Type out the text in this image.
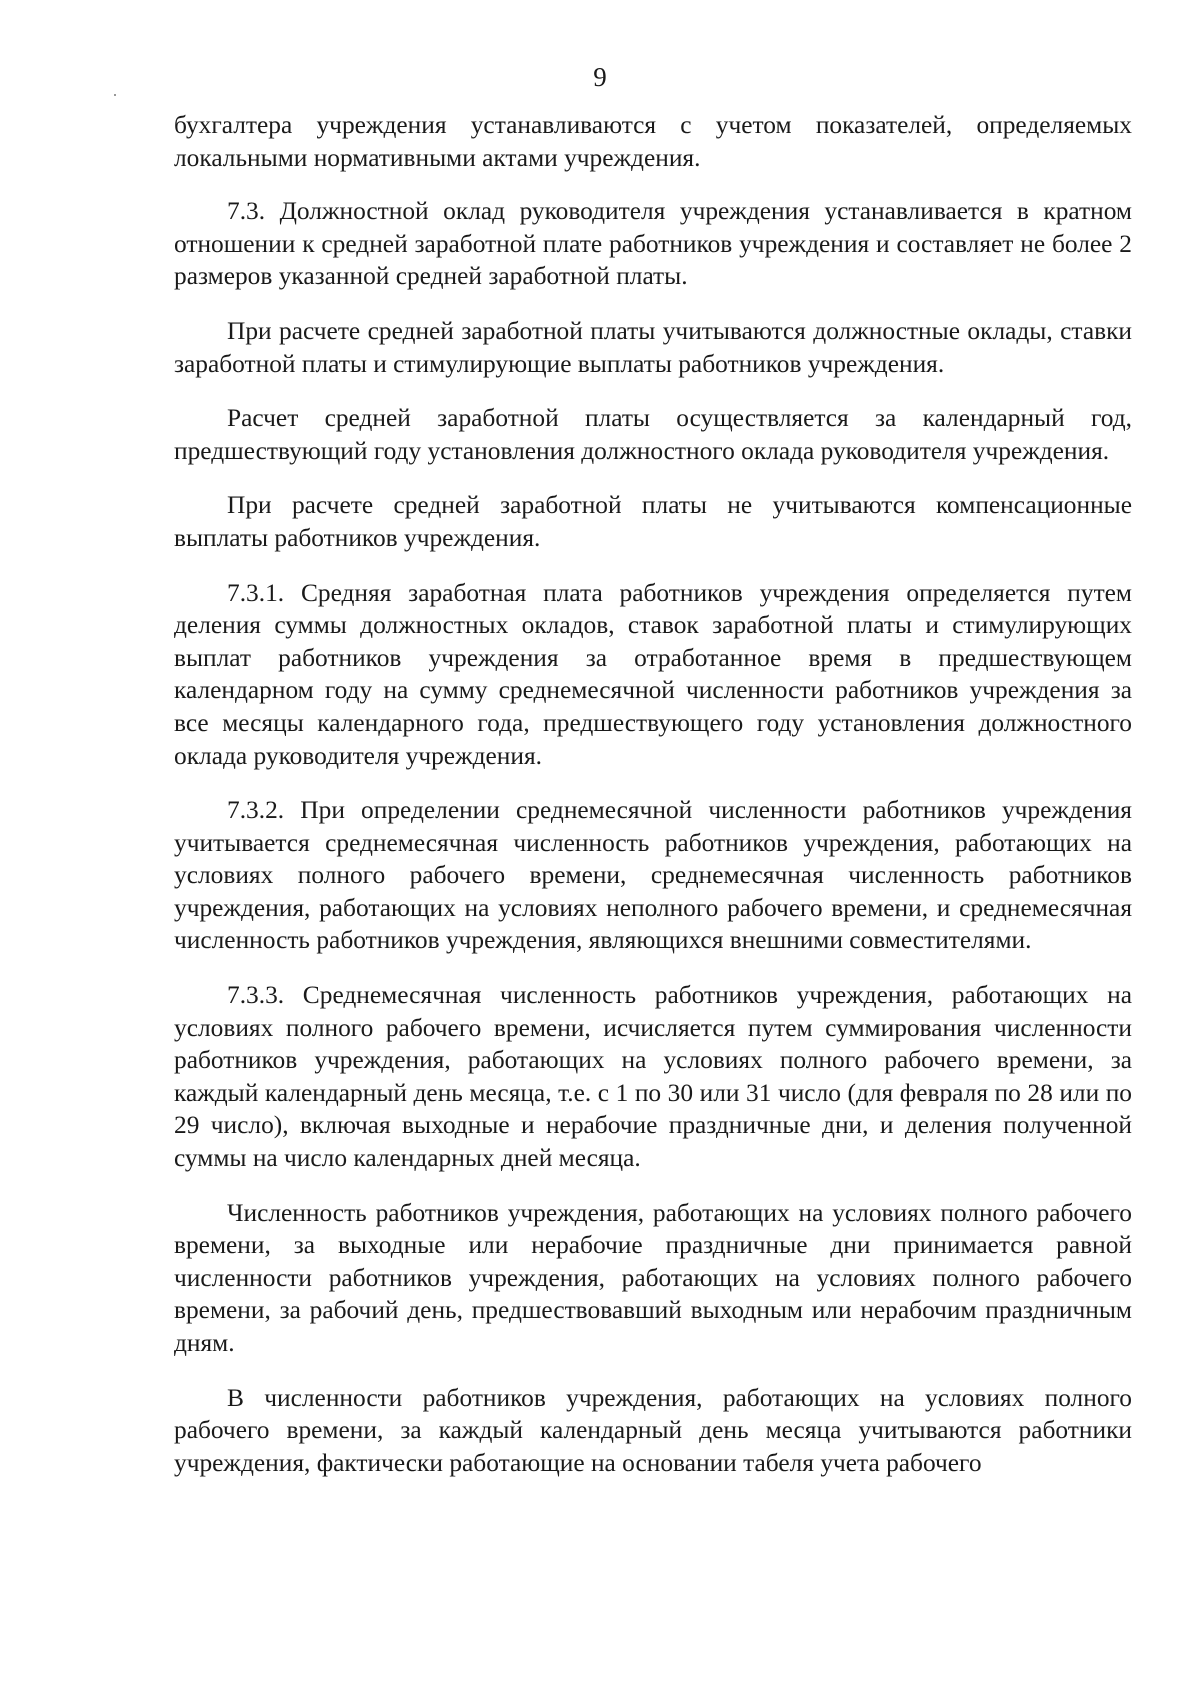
9

бухгалтера учреждения устанавливаются с учетом показателей, определяемых локальными нормативными актами учреждения.

7.3. Должностной оклад руководителя учреждения устанавливается в кратном отношении к средней заработной плате работников учреждения и составляет не более 2 размеров указанной средней заработной платы.

При расчете средней заработной платы учитываются должностные оклады, ставки заработной платы и стимулирующие выплаты работников учреждения.

Расчет средней заработной платы осуществляется за календарный год, предшествующий году установления должностного оклада руководителя учреждения.

При расчете средней заработной платы не учитываются компенсационные выплаты работников учреждения.

7.3.1. Средняя заработная плата работников учреждения определяется путем деления суммы должностных окладов, ставок заработной платы и стимулирующих выплат работников учреждения за отработанное время в предшествующем календарном году на сумму среднемесячной численности работников учреждения за все месяцы календарного года, предшествующего году установления должностного оклада руководителя учреждения.

7.3.2. При определении среднемесячной численности работников учреждения учитывается среднемесячная численность работников учреждения, работающих на условиях полного рабочего времени, среднемесячная численность работников учреждения, работающих на условиях неполного рабочего времени, и среднемесячная численность работников учреждения, являющихся внешними совместителями.

7.3.3. Среднемесячная численность работников учреждения, работающих на условиях полного рабочего времени, исчисляется путем суммирования численности работников учреждения, работающих на условиях полного рабочего времени, за каждый календарный день месяца, т.е. с 1 по 30 или 31 число (для февраля по 28 или по 29 число), включая выходные и нерабочие праздничные дни, и деления полученной суммы на число календарных дней месяца.

Численность работников учреждения, работающих на условиях полного рабочего времени, за выходные или нерабочие праздничные дни принимается равной численности работников учреждения, работающих на условиях полного рабочего времени, за рабочий день, предшествовавший выходным или нерабочим праздничным дням.

В численности работников учреждения, работающих на условиях полного рабочего времени, за каждый календарный день месяца учитываются работники учреждения, фактически работающие на основании табеля учета рабочего
